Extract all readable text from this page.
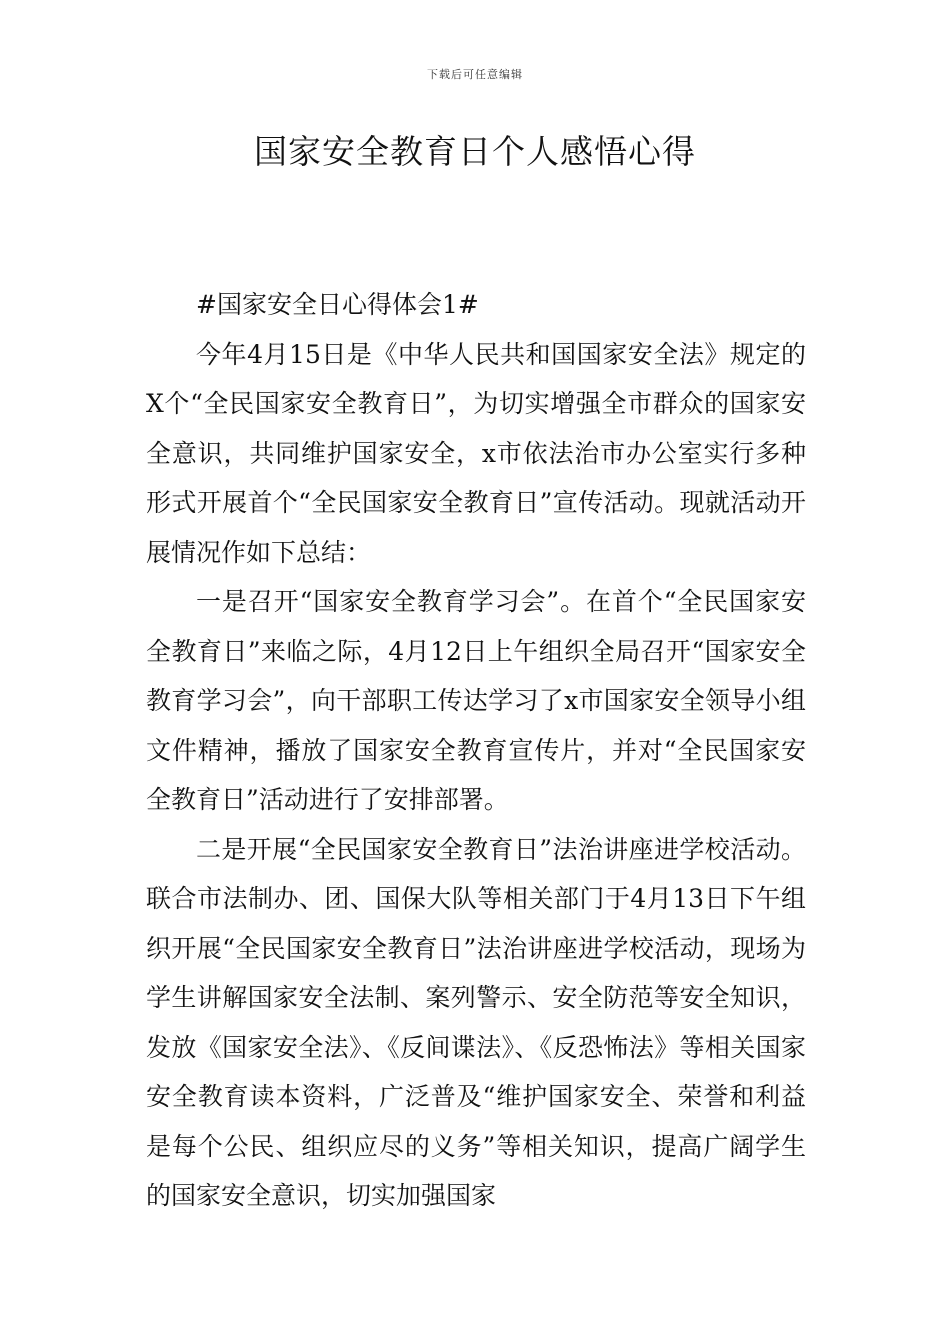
下载后可任意编辑
国家安全教育日个人感悟心得

#国家安全日心得体会1#

今年4月15日是《中华人民共和国国家安全法》规定的X个“全民国家安全教育日”，为切实增强全市群众的国家安全意识，共同维护国家安全，x市依法治市办公室实行多种形式开展首个“全民国家安全教育日”宣传活动。现就活动开展情况作如下总结：

一是召开“国家安全教育学习会”。在首个“全民国家安全教育日”来临之际，4月12日上午组织全局召开“国家安全教育学习会”，向干部职工传达学习了x市国家安全领导小组文件精神，播放了国家安全教育宣传片，并对“全民国家安全教育日”活动进行了安排部署。

二是开展“全民国家安全教育日”法治讲座进学校活动。联合市法制办、团、国保大队等相关部门于4月13日下午组织开展“全民国家安全教育日”法治讲座进学校活动，现场为学生讲解国家安全法制、案列警示、安全防范等安全知识，发放《国家安全法》、《反间谍法》、《反恐怖法》等相关国家安全教育读本资料，广泛普及“维护国家安全、荣誉和利益是每个公民、组织应尽的义务”等相关知识，提高广阔学生的国家安全意识，切实加强国家
